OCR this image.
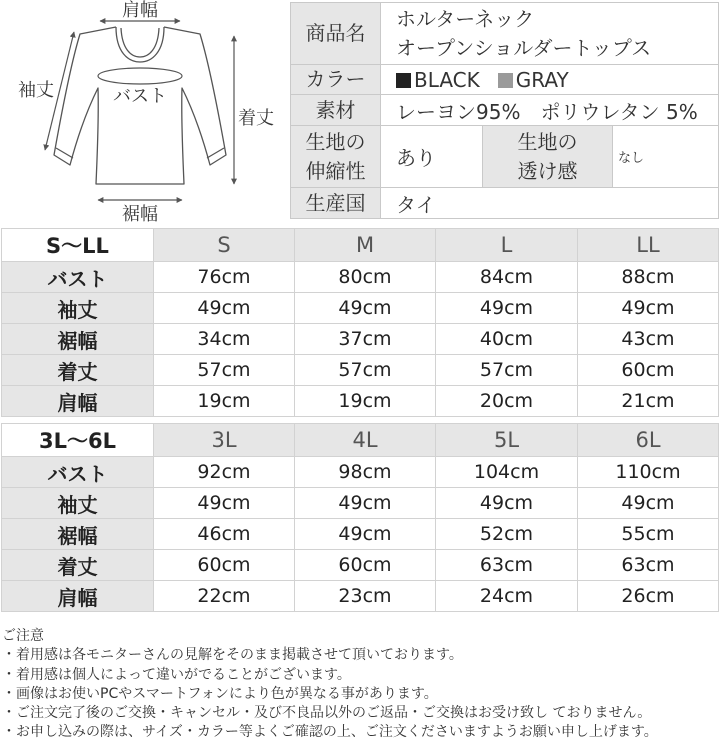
肩幅
袖丈	バスト
着丈
裾幅
商品名	ホルターネック
オープンショルダートップス		

カラー	BLACK GRAY		
素材	レーヨン95%　ポリウレタン 5%		

生地の
伸縮性	あり	生地の
透け感	なし
生産国	タイ		
S〜LL	S	M	L	LL
バスト	76cm	80cm	84cm	88cm
袖丈	49cm	49cm	49cm	49cm
裾幅	34cm	37cm	40cm	43cm
着丈	57cm	57cm	57cm	60cm
肩幅	19cm	19cm	20cm	21cm
3L〜6L	3L	4L	5L	6L
バスト	92cm	98cm	104cm	110cm
袖丈	49cm	49cm	49cm	49cm
裾幅	46cm	49cm	52cm	55cm
着丈	60cm	60cm	63cm	63cm
肩幅	22cm	23cm	24cm	26cm
ご注意
・着用感は各モニターさんの見解をそのまま掲載させて頂いております。
・着用感は個人によって違いがでることがございます。
・画像はお使いPCやスマートフォンにより色が異なる事があります。
・ご注文完了後のご交換・キャンセル・及び不良品以外のご返品・ご交換はお受け致し ておりません。
・お申し込みの際は、サイズ・カラー等よくご確認の上、ご注文くださいますようお願い申し上げます。
